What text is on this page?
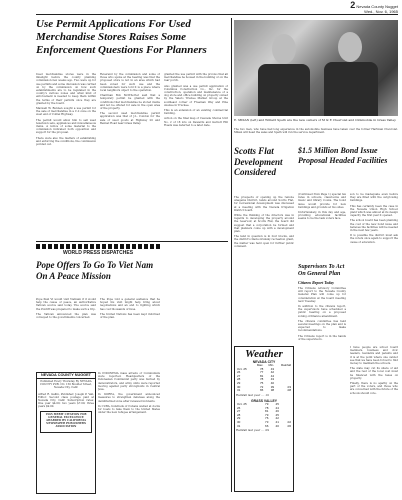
2 Nevada County Nugget
Wed., Nov. 6, 1965
Use Permit Applications For Used Merchandise Stores Raises Some Enforcement Questions For Planners

Used merchandise stores were in the limelight before the county planning commission few weeks ago. Two were up for use permits and some discussion was carried on by the commission on how such establishments are to be regulated in the county's various zones and what kind of enforcement is needed to keep them within the terms of their permits once they are granted by the board.

Maxwell W. Bunnen sought a use permit for the sale of merchandise in a C-2 zone on the west end of Colfax Highway.

The permit would allow him to sell used television sets, appliances and miscellaneous items. A notice of some material to the commission indicated both opposition and support for the proposal.

There were also the matters of establishing and enforcing the conditions, the commission pointed out.

Reverend by the commission and some of those who spoke at the hearing was that the proposed store is not in an area which had been zoned for such use and the commissioners were told it is a place where local neighbors object to the operation.

Chairman Bob McWhorter said that a temporary permit be granted with the conditions that merchandise be stored inside and not be offered for sale in the open area of the property.

The second used merchandise permit application was that of J.L. Condon for the sale of used goods at Highway 20 and Bennet Road near Grass Valley.

granted the use permit with the proviso that all merchandise be housed in the building or on the rear porch.

Also granted was a use permit application of Columbus Construction Co., Inc. for the construction, operation and maintenance of a dog store and office building on property owned by the Valero Trustee Market Group at the southeast corner of Freeman Way and Pine Avenue in Truckee.

This is an extension of an existing commercial building.

Action on the final map of Cascade Shores Unit No. 2 of 18 lots on Dewards and Garrett Hill Roads was deferred to a later date.

WORLD PRESS DISPATCHES
Pope Offers To Go To Viet Nam On A Peace Mission

Pope Paul VI would visit Vietnam if it would help the cause of peace, an authoritative Vatican source said today. The source said the Pontiff was prepared to make such a trip.

The Vatican announced the plan was conveyed to the governments concerned.

The Pope told a general audience that he hoped his visit might help bring about negotiations and an end to fighting which has cost thousands of lives.

The United Nations has been kept informed of the plan.

NEVADA COUNTY NUGGET

Published Every Thursday By NEVADA COUNTY PUB. CO. 150 Boulder Street, Nevada City, Calif.

Alfred R. Gallin, Publisher; Joseph P. Vail, Editor. Second class postage paid at Nevada City, Calif. Subscription rates: One year $4.00; two years $7.00; three years $9.00.

1965 MERIT CITATION FOR GENERAL EXCELLENCE AWARDED BY CALIFORNIA NEWSPAPER PUBLISHERS ASSOCIATION

In INDONESIA mass arrests of Communists were reported. Headquarters of the Indonesian Communist party was burned by demonstrators, and army units were reported moving against party strongholds in Central Java.

In KOREA, the government announced measures to strengthen defenses along the demilitarized zone after renewed incidents.

In CUBA, hundreds of Cubans waited at docks for boats to take them to the United States under the new refugee arrangement.

E. MIKAN (left) and Willard Speth are the new owners of M & E Chevrolet and Oldsmobile in Grass Valley.

The two men, who have had long experience in the automobile business have taken over the former Hartman Chevrolet. Mikan will head the sales and Speth will run the service department.

Scotts Flat Development Considered
$1.5 Million Bond Issue Proposal Headed Facilities

The prospects of opening up the remote Anagems District, lands around Scotts Flat, for recreational development was discussed at a meeting with the Nevada Irrigation District board.

While the thinking of the directors was in regards to developing the property around the reservoir, at Scotts Flat, the board did suggest that a corporation be formed and that planners come up with a development plan.

The land in question is in four blocks, and the district's Davis-Grunsky recreation grant, the matter was held open for further public comment.

(Continued from Page 1) special tax rates in schools, classrooms and music and library rooms. The bond issue would provide for new buildings and grounds at two sites.

Unfortunately, in this day and age, providing educational facilities seems to be the task voters face.

son to be inadequate even before they are filled with the outgrowing buildings.

This has certainly been the case in the Nevada Union High School plant which was almost at its design capacity the first year it opened.

The school board has been planning the cost of the new bond issue and believes the facilities will be needed in the next few years.

It is possible the district must ask the voters once again to support the cause of education.

Supervisors To Act On General Plan
Citizens Report Today

The Citizens Advisory Committee will report to the Nevada County General Plan will come up for consideration at the board meeting next Tuesday.

In addition to the citizens report, the supervisors have scheduled a public hearing on a proposed zoning ordinance amendment.

The citizens committee has held several meetings on the plan and is expected to make recommendations.

The Citizens report is in the hands of the supervisors.

I have people are school board members, business and civic leaders, residents and parents and it is at the point where one cannot see that we have been forced to find money to maintain the schools.

The state may cut its share of aid and the rest of the local cost must be financed with the taxes on property.

Finally, there is no apathy on the part of the voters, and those who are concerned with the future of the schools should vote.

Weather
NEVADA CITY
	Max.	Min.	Rainfall
Oct. 25	78	43	
26	77	42	
27	81	44	
28	78	43	
29	75	40	
30	72	39	.03
31	65	38	.08
Rainfall last year ... .10
GRASS VALLEY
Oct. 25	79	45	
26	78	44	
27	81	46	
28	79	45	
29	76	42	
30	73	41	.02
31	66	40	.06
Rainfall last year ... .09
